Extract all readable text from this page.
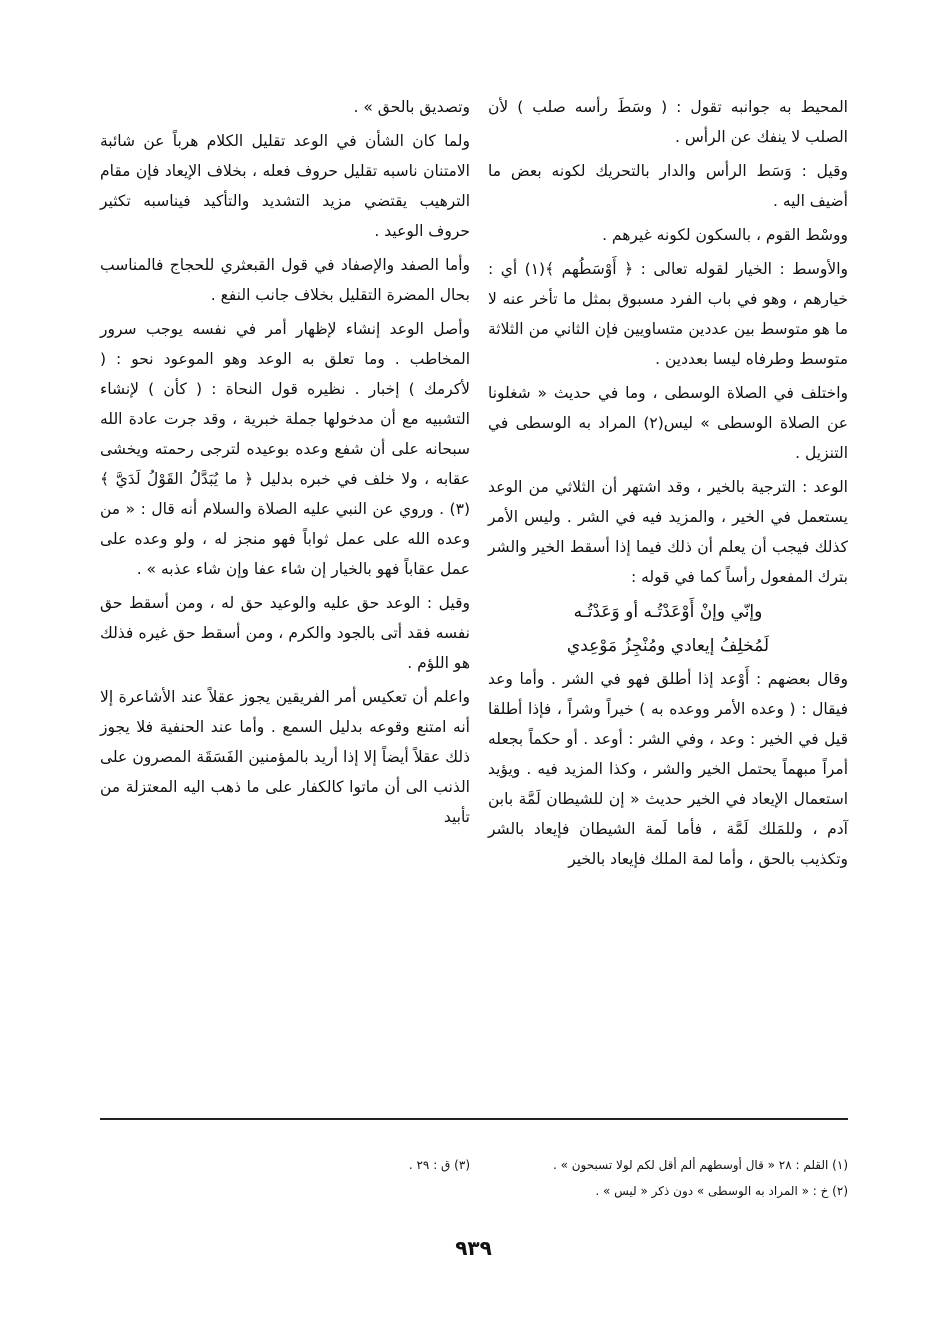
المحيط به جوانبه تقول : ( وسَطَ رأسه صلب ) لأن الصلب لا ينفك عن الرأس .

وقيل : وَسَط الرأس والدار بالتحريك لكونه بعض ما أضيف اليه .

ووسْط القوم ، بالسكون لكونه غيرهم .

والأوسط : الخيار لقوله تعالى : ﴿ أَوْسَطُهم ﴾(١) أي : خيارهم ، وهو في باب الفرد مسبوق بمثل ما تأخر عنه لا ما هو متوسط بين عددين متساويين فإن الثاني من الثلاثة متوسط وطرفاه ليسا بعددين .

واختلف في الصلاة الوسطى ، وما في حديث « شغلونا عن الصلاة الوسطى » ليس(٢) المراد به الوسطى في التنزيل .

الوعد : الترجية بالخير ، وقد اشتهر أن الثلاثي من الوعد يستعمل في الخير ، والمزيد فيه في الشر . وليس الأمر كذلك فيجب أن يعلم أن ذلك فيما إذا أسقط الخير والشر بترك المفعول رأساً كما في قوله :

وإنّي وإنْ أَوْعَدْتُـه أو وَعَدْتُـه
لَمُخلِفُ إيعادي ومُنْجِزُ مَوْعِدي

وقال بعضهم : أَوْعد إذا أطلق فهو في الشر . وأما وعد فيقال : ( وعده الأمر ووعده به ) خيراً وشراً ، فإذا أطلقا قيل في الخير : وعد ، وفي الشر : أوعد . أو حكماً بجعله أمراً مبهماً يحتمل الخير والشر ، وكذا المزيد فيه . ويؤيد استعمال الإيعاد في الخير حديث « إن للشيطان لَمَّة بابن آدم ، وللمَلك لَمَّة ، فأما لَمة الشيطان فإيعاد بالشر وتكذيب بالحق ، وأما لمة الملك فإيعاد بالخير

وتصديق بالحق » .

ولما كان الشأن في الوعد تقليل الكلام هرباً عن شائبة الامتنان ناسبه تقليل حروف فعله ، بخلاف الإيعاد فإن مقام الترهيب يقتضي مزيد التشديد والتأكيد فيناسبه تكثير حروف الوعيد .

وأما الصفد والإصفاد في قول القبعثري للحجاج فالمناسب بحال المضرة التقليل بخلاف جانب النفع .

وأصل الوعد إنشاء لإظهار أمر في نفسه يوجب سرور المخاطب . وما تعلق به الوعد وهو الموعود نحو : ( لأكرمك ) إخبار . نظيره قول النحاة : ( كأن ) لإنشاء التشبيه مع أن مدخولها جملة خبرية ، وقد جرت عادة الله سبحانه على أن شفع وعده بوعيده لترجى رحمته ويخشى عقابه ، ولا خلف في خبره بدليل ﴿ ما يُبَدَّلُ القَوْلُ لَدَيَّ ﴾(٣) . وروي عن النبي عليه الصلاة والسلام أنه قال : « من وعده الله على عمل ثواباً فهو منجز له ، ولو وعده على عمل عقاباً فهو بالخيار إن شاء عفا وإن شاء عذبه » .

وقيل : الوعد حق عليه والوعيد حق له ، ومن أسقط حق نفسه فقد أتى بالجود والكرم ، ومن أسقط حق غيره فذلك هو اللؤم .

واعلم أن تعكيس أمر الفريقين يجوز عقلاً عند الأشاعرة إلا أنه امتنع وقوعه بدليل السمع . وأما عند الحنفية فلا يجوز ذلك عقلاً أيضاً إلا إذا أريد بالمؤمنين الفَسَقَة المصرون على الذنب الى أن ماتوا كالكفار على ما ذهب اليه المعتزلة من تأبيد

(١) القلم : ٢٨ « قال أوسطهم ألم أقل لكم لولا تسبحون » .
(٢) خ : « المراد به الوسطى » دون ذكر « ليس » .
(٣) ق : ٢٩ .
٩٣٩
